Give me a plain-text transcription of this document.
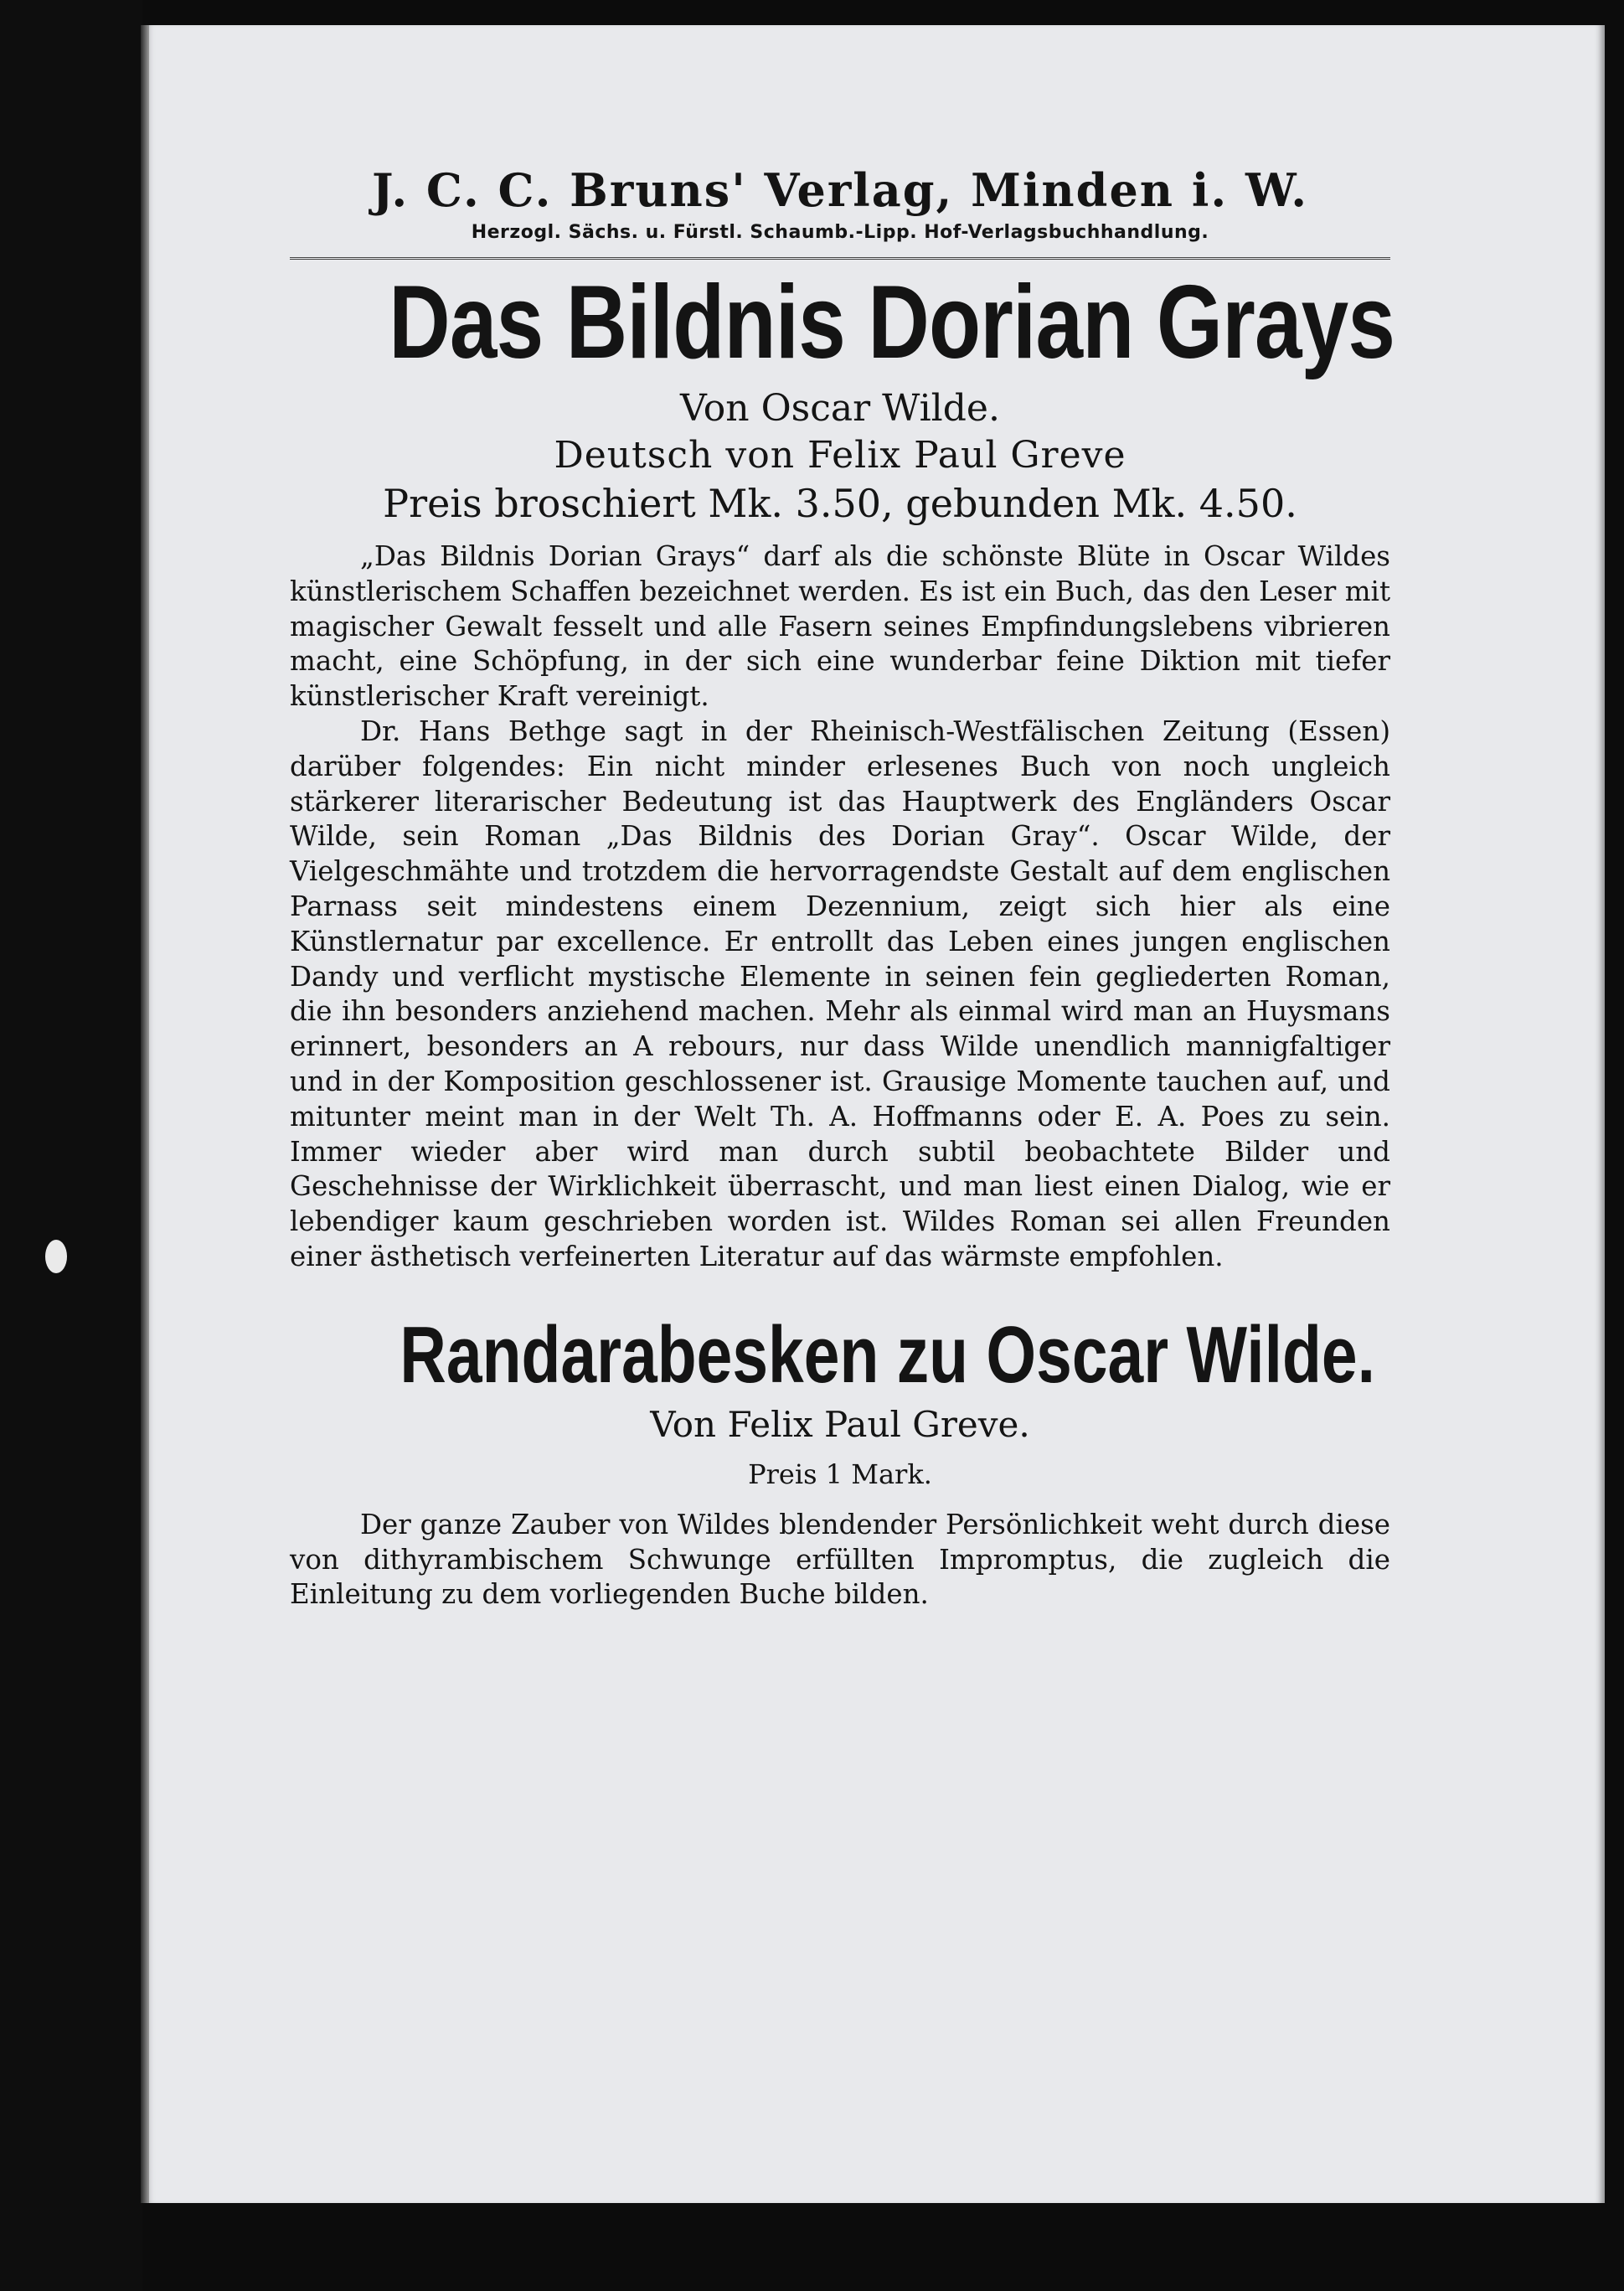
J. C. C. Bruns' Verlag, Minden i. W.
Herzogl. Sächs. u. Fürstl. Schaumb.-Lipp. Hof-Verlagsbuchhandlung.
Das Bildnis Dorian Grays
Von Oscar Wilde.
Deutsch von Felix Paul Greve
Preis broschiert Mk. 3.50, gebunden Mk. 4.50.

„Das Bildnis Dorian Grays“ darf als die schönste Blüte in Oscar Wildes künstlerischem Schaffen bezeichnet werden. Es ist ein Buch, das den Leser mit magischer Gewalt fesselt und alle Fasern seines Empfindungslebens vibrieren macht, eine Schöpfung, in der sich eine wunderbar feine Diktion mit tiefer künstlerischer Kraft vereinigt.

Dr. Hans Bethge sagt in der Rheinisch-Westfälischen Zeitung (Essen) darüber folgendes: Ein nicht minder erlesenes Buch von noch ungleich stärkerer literarischer Bedeutung ist das Hauptwerk des Engländers Oscar Wilde, sein Roman „Das Bildnis des Dorian Gray“. Oscar Wilde, der Vielgeschmähte und trotzdem die hervorragendste Gestalt auf dem englischen Parnass seit mindestens einem Dezennium, zeigt sich hier als eine Künstlernatur par excellence. Er entrollt das Leben eines jungen englischen Dandy und verflicht mystische Elemente in seinen fein gegliederten Roman, die ihn besonders anziehend machen. Mehr als einmal wird man an Huysmans erinnert, besonders an A rebours, nur dass Wilde unendlich mannigfaltiger und in der Komposition geschlossener ist. Grausige Momente tauchen auf, und mitunter meint man in der Welt Th. A. Hoffmanns oder E. A. Poes zu sein. Immer wieder aber wird man durch subtil beobachtete Bilder und Geschehnisse der Wirklichkeit überrascht, und man liest einen Dialog, wie er lebendiger kaum geschrieben worden ist. Wildes Roman sei allen Freunden einer ästhetisch verfeinerten Literatur auf das wärmste empfohlen.

Randarabesken zu Oscar Wilde.
Von Felix Paul Greve.
Preis 1 Mark.

Der ganze Zauber von Wildes blendender Persönlichkeit weht durch diese von dithyrambischem Schwunge erfüllten Impromptus, die zugleich die Einleitung zu dem vorliegenden Buche bilden.
